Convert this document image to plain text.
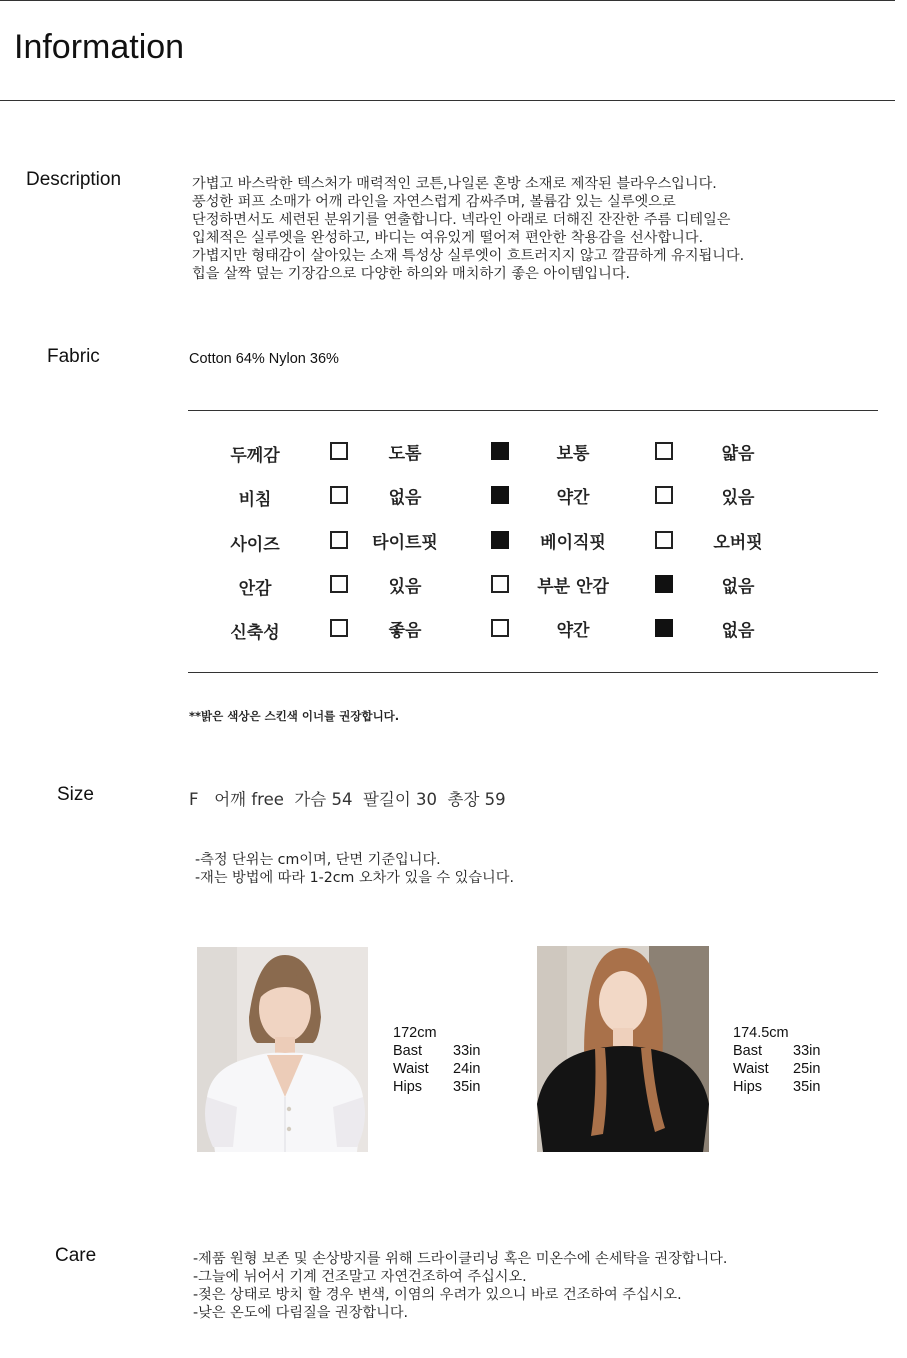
Information
Description	가볍고 바스락한 텍스처가 매력적인 코튼,나일론 혼방 소재로 제작된 블라우스입니다.
풍성한 퍼프 소매가 어깨 라인을 자연스럽게 감싸주며, 볼륨감 있는 실루엣으로
단정하면서도 세련된 분위기를 연출합니다. 넥라인 아래로 더해진 잔잔한 주름 디테일은
입체적은 실루엣을 완성하고, 바디는 여유있게 떨어져 편안한 착용감을 선사합니다.
가볍지만 형태감이 살아있는 소재 특성상 실루엣이 흐트러지지 않고 깔끔하게 유지됩니다.
힙을 살짝 덮는 기장감으로 다양한 하의와 매치하기 좋은 아이템입니다.
Fabric	Cotton 64% Nylon 36%
두께감	도톰	보통	얇음
비침	없음	약간	있음
사이즈	타이트핏	베이직핏	오버핏
안감	있음	부분 안감	없음
신축성	좋음	약간	없음
**밝은 색상은 스킨색 이너를 권장합니다.
Size	F   어깨 free  가슴 54  팔길이 30  총장 59
-측정 단위는 cm이며, 단면 기준입니다.
-재는 방법에 따라 1-2cm 오차가 있을 수 있습니다.
172cm
Bast	33in
Waist	24in
Hips	35in
174.5cm
Bast	33in
Waist	25in
Hips	35in
Care	-제품 원형 보존 및 손상방지를 위해 드라이클리닝 혹은 미온수에 손세탁을 권장합니다.
-그늘에 뉘어서 기계 건조말고 자연건조하여 주십시오.
-젖은 상태로 방치 할 경우 변색, 이염의 우려가 있으니 바로 건조하여 주십시오.
-낮은 온도에 다림질을 권장합니다.
